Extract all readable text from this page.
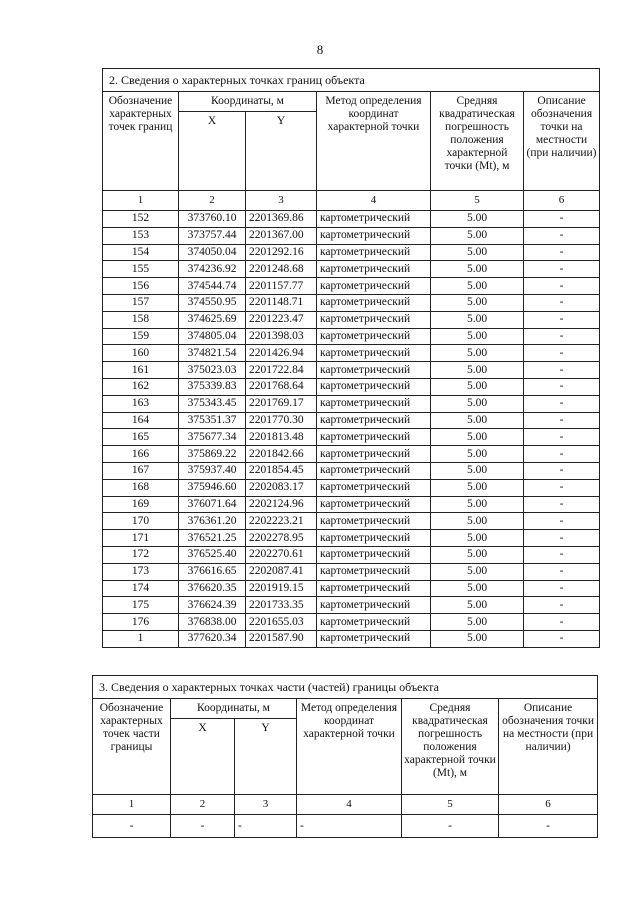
8
2. Сведения о характерных точках границ объекта					
Обозначение характерных точек границ	Координаты, м		Метод определения координат характерной точки	Средняя квадратическая погрешность положения характерной точки (Mt), м	Описание обозначения точки на местности (при наличии)
	X	Y			
1	2	3	4	5	6
152	373760.10	2201369.86	картометрический	5.00	-
153	373757.44	2201367.00	картометрический	5.00	-
154	374050.04	2201292.16	картометрический	5.00	-
155	374236.92	2201248.68	картометрический	5.00	-
156	374544.74	2201157.77	картометрический	5.00	-
157	374550.95	2201148.71	картометрический	5.00	-
158	374625.69	2201223.47	картометрический	5.00	-
159	374805.04	2201398.03	картометрический	5.00	-
160	374821.54	2201426.94	картометрический	5.00	-
161	375023.03	2201722.84	картометрический	5.00	-
162	375339.83	2201768.64	картометрический	5.00	-
163	375343.45	2201769.17	картометрический	5.00	-
164	375351.37	2201770.30	картометрический	5.00	-
165	375677.34	2201813.48	картометрический	5.00	-
166	375869.22	2201842.66	картометрический	5.00	-
167	375937.40	2201854.45	картометрический	5.00	-
168	375946.60	2202083.17	картометрический	5.00	-
169	376071.64	2202124.96	картометрический	5.00	-
170	376361.20	2202223.21	картометрический	5.00	-
171	376521.25	2202278.95	картометрический	5.00	-
172	376525.40	2202270.61	картометрический	5.00	-
173	376616.65	2202087.41	картометрический	5.00	-
174	376620.35	2201919.15	картометрический	5.00	-
175	376624.39	2201733.35	картометрический	5.00	-
176	376838.00	2201655.03	картометрический	5.00	-
1	377620.34	2201587.90	картометрический	5.00	-
3. Сведения о характерных точках части (частей) границы объекта					
Обозначение характерных точек части границы	Координаты, м		Метод определения координат характерной точки	Средняя квадратическая погрешность положения характерной точки (Mt), м	Описание обозначения точки на местности (при наличии)
	X	Y			
1	2	3	4	5	6
-	-	-	-	-	-
